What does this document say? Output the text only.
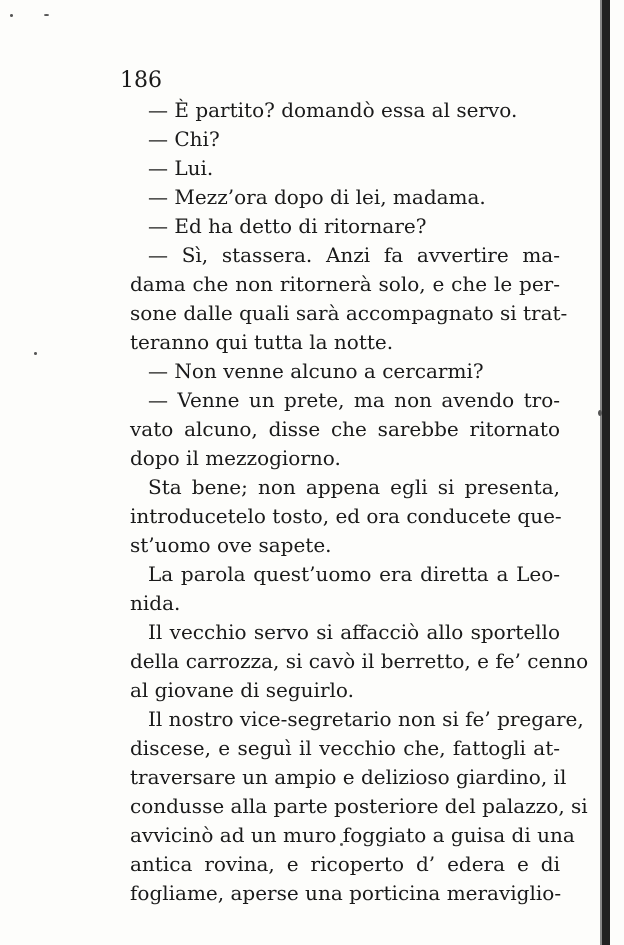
186
— È partito? domandò essa al servo.
— Chi?
— Lui.
— Mezz’ora dopo di lei, madama.
— Ed ha detto di ritornare?
— Sì, stassera. Anzi fa avvertire ma-
dama che non ritornerà solo, e che le per-
sone dalle quali sarà accompagnato si trat-
teranno qui tutta la notte.
— Non venne alcuno a cercarmi?
— Venne un prete, ma non avendo tro-
vato alcuno, disse che sarebbe ritornato
dopo il mezzogiorno.
Sta bene; non appena egli si presenta,
introducetelo tosto, ed ora conducete que-
st’uomo ove sapete.
La parola quest’uomo era diretta a Leo-
nida.
Il vecchio servo si affacciò allo sportello
della carrozza, si cavò il berretto, e fe’ cenno
al giovane di seguirlo.
Il nostro vice-segretario non si fe’ pregare,
discese, e seguì il vecchio che, fattogli at-
traversare un ampio e delizioso giardino, il
condusse alla parte posteriore del palazzo, si
avvicinò ad un muro foggiato a guisa di una
antica rovina, e ricoperto d’ edera e di
fogliame, aperse una porticina meraviglio-
